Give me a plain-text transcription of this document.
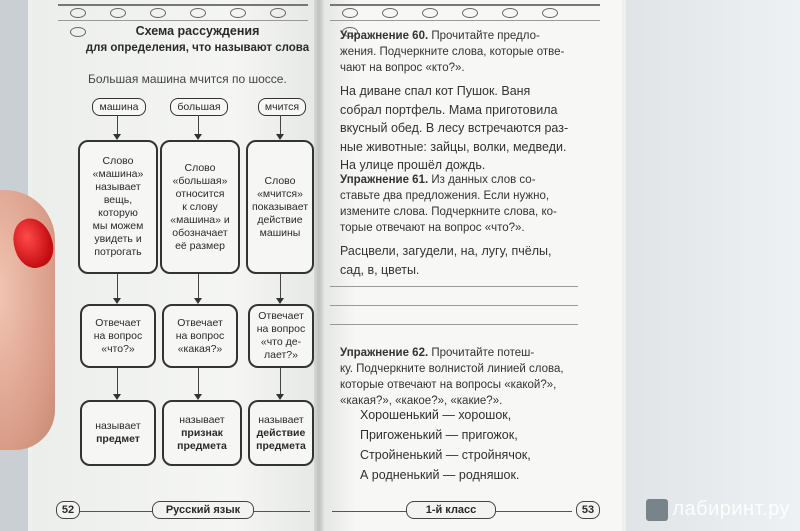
Схема рассуждения
для определения, что называют слова
Большая машина мчится по шоссе.
машина	большая	мчится
Слово
«машина»
называет
вещь,
которую
мы можем
увидеть и
потрогать
Слово
«большая»
относится
к слову
«машина» и
обозначает
её размер
Слово
«мчится»
показывает
действие
машины
Отвечает
на вопрос
«что?»
Отвечает
на вопрос
«какая?»
Отвечает
на вопрос
«что де-
лает?»
называет
предмет
называет
признак
предмета
называет
действие
предмета
52	Русский язык
Упражнение 60. Прочитайте предло-
жения. Подчеркните слова, которые отве-
чают на вопрос «кто?».
На диване спал кот Пушок. Ваня
собрал портфель. Мама приготовила
вкусный обед. В лесу встречаются раз-
ные животные: зайцы, волки, медведи.
На улице прошёл дождь.
Упражнение 61. Из данных слов со-
ставьте два предложения. Если нужно,
измените слова. Подчеркните слова, ко-
торые отвечают на вопрос «что?».
Расцвели, загудели, на, лугу, пчёлы,
сад, в, цветы.
Упражнение 62. Прочитайте потеш-
ку. Подчеркните волнистой линией слова,
которые отвечают на вопросы «какой?»,
«какая?», «какое?», «какие?».
Хорошенький — хорошок,
Пригоженький — пригожок,
Стройненький — стройнячок,
А родненький — родняшок.
1-й класс	53	лабиринт.ру
